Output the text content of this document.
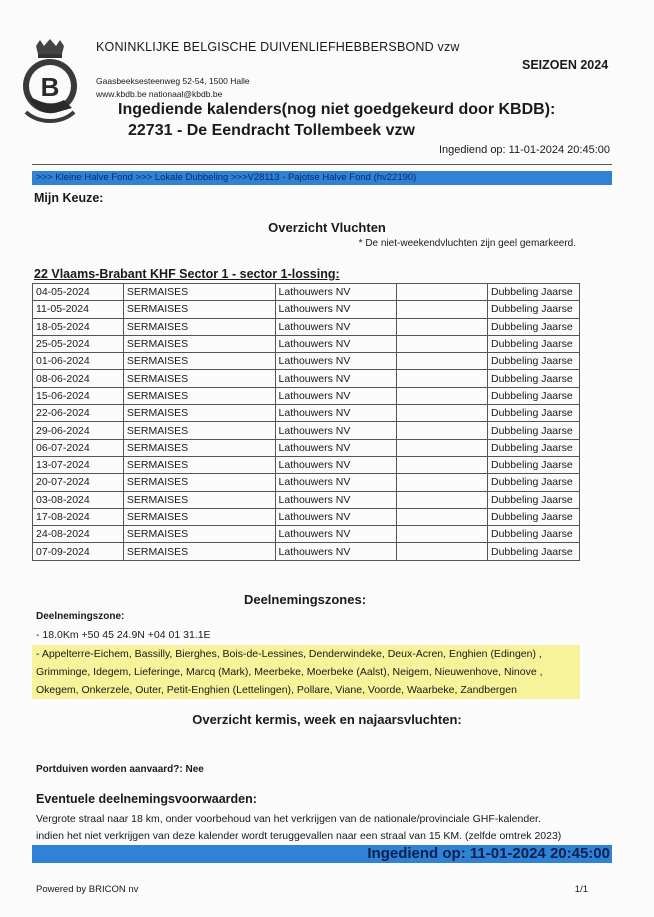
B
KONINKLIJKE BELGISCHE DUIVENLIEFHEBBERSBOND vzw
SEIZOEN 2024
Gaasbeeksesteenweg 52-54, 1500 Halle
www.kbdb.be nationaal@kbdb.be
Ingediende kalenders(nog niet goedgekeurd door KBDB):
22731 - De Eendracht Tollembeek vzw
Ingediend op: 11-01-2024 20:45:00
>>> Kleine Halve Fond >>> Lokale Dubbeling >>>V28113 - Pajotse Halve Fond (hv22190)
Mijn Keuze:
Overzicht Vluchten
* De niet-weekendvluchten zijn geel gemarkeerd.
22 Vlaams-Brabant KHF Sector 1 - sector 1-lossing:
04-05-2024	SERMAISES	Lathouwers NV		Dubbeling Jaarse
11-05-2024	SERMAISES	Lathouwers NV		Dubbeling Jaarse
18-05-2024	SERMAISES	Lathouwers NV		Dubbeling Jaarse
25-05-2024	SERMAISES	Lathouwers NV		Dubbeling Jaarse
01-06-2024	SERMAISES	Lathouwers NV		Dubbeling Jaarse
08-06-2024	SERMAISES	Lathouwers NV		Dubbeling Jaarse
15-06-2024	SERMAISES	Lathouwers NV		Dubbeling Jaarse
22-06-2024	SERMAISES	Lathouwers NV		Dubbeling Jaarse
29-06-2024	SERMAISES	Lathouwers NV		Dubbeling Jaarse
06-07-2024	SERMAISES	Lathouwers NV		Dubbeling Jaarse
13-07-2024	SERMAISES	Lathouwers NV		Dubbeling Jaarse
20-07-2024	SERMAISES	Lathouwers NV		Dubbeling Jaarse
03-08-2024	SERMAISES	Lathouwers NV		Dubbeling Jaarse
17-08-2024	SERMAISES	Lathouwers NV		Dubbeling Jaarse
24-08-2024	SERMAISES	Lathouwers NV		Dubbeling Jaarse
07-09-2024	SERMAISES	Lathouwers NV		Dubbeling Jaarse
Deelnemingszones:
Deelnemingszone:
- 18.0Km +50 45 24.9N +04 01 31.1E
- Appelterre-Eichem, Bassilly, Bierghes, Bois-de-Lessines, Denderwindeke, Deux-Acren, Enghien (Edingen) , Grimminge, Idegem, Lieferinge, Marcq (Mark), Meerbeke, Moerbeke (Aalst), Neigem, Nieuwenhove, Ninove , Okegem, Onkerzele, Outer, Petit-Enghien (Lettelingen), Pollare, Viane, Voorde, Waarbeke, Zandbergen
Overzicht kermis, week en najaarsvluchten:
Portduiven worden aanvaard?: Nee
Eventuele deelnemingsvoorwaarden:
Vergrote straal naar 18 km, onder voorbehoud van het verkrijgen van de nationale/provinciale GHF-kalender.
indien het niet verkrijgen van deze kalender wordt teruggevallen naar een straal van 15 KM. (zelfde omtrek 2023)
Ingediend op: 11-01-2024 20:45:00
Powered by BRICON nv	1/1
